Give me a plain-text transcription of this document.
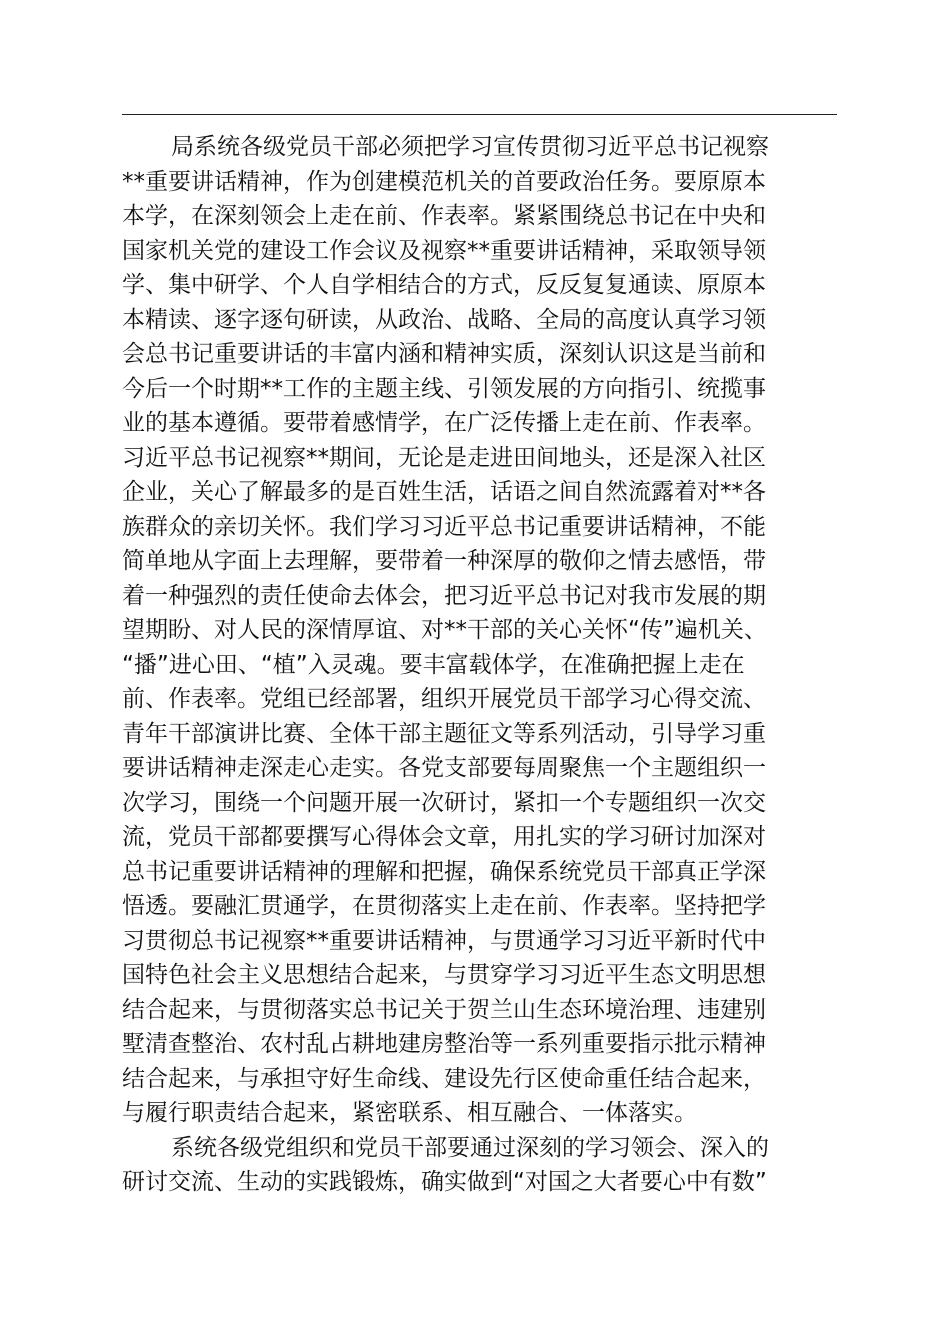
局系统各级党员干部必须把学习宣传贯彻习近平总书记视察
**重要讲话精神，作为创建模范机关的首要政治任务。要原原本
本学，在深刻领会上走在前、作表率。紧紧围绕总书记在中央和
国家机关党的建设工作会议及视察**重要讲话精神，采取领导领
学、集中研学、个人自学相结合的方式，反反复复通读、原原本
本精读、逐字逐句研读，从政治、战略、全局的高度认真学习领
会总书记重要讲话的丰富内涵和精神实质，深刻认识这是当前和
今后一个时期**工作的主题主线、引领发展的方向指引、统揽事
业的基本遵循。要带着感情学，在广泛传播上走在前、作表率。
习近平总书记视察**期间，无论是走进田间地头，还是深入社区
企业，关心了解最多的是百姓生活，话语之间自然流露着对**各
族群众的亲切关怀。我们学习习近平总书记重要讲话精神，不能
简单地从字面上去理解，要带着一种深厚的敬仰之情去感悟，带
着一种强烈的责任使命去体会，把习近平总书记对我市发展的期
望期盼、对人民的深情厚谊、对**干部的关心关怀“传”遍机关、
“播”进心田、“植”入灵魂。要丰富载体学，在准确把握上走在
前、作表率。党组已经部署，组织开展党员干部学习心得交流、
青年干部演讲比赛、全体干部主题征文等系列活动，引导学习重
要讲话精神走深走心走实。各党支部要每周聚焦一个主题组织一
次学习，围绕一个问题开展一次研讨，紧扣一个专题组织一次交
流，党员干部都要撰写心得体会文章，用扎实的学习研讨加深对
总书记重要讲话精神的理解和把握，确保系统党员干部真正学深
悟透。要融汇贯通学，在贯彻落实上走在前、作表率。坚持把学
习贯彻总书记视察**重要讲话精神，与贯通学习习近平新时代中
国特色社会主义思想结合起来，与贯穿学习习近平生态文明思想
结合起来，与贯彻落实总书记关于贺兰山生态环境治理、违建别
墅清查整治、农村乱占耕地建房整治等一系列重要指示批示精神
结合起来，与承担守好生命线、建设先行区使命重任结合起来，
与履行职责结合起来，紧密联系、相互融合、一体落实。
系统各级党组织和党员干部要通过深刻的学习领会、深入的
研讨交流、生动的实践锻炼，确实做到“对国之大者要心中有数”
